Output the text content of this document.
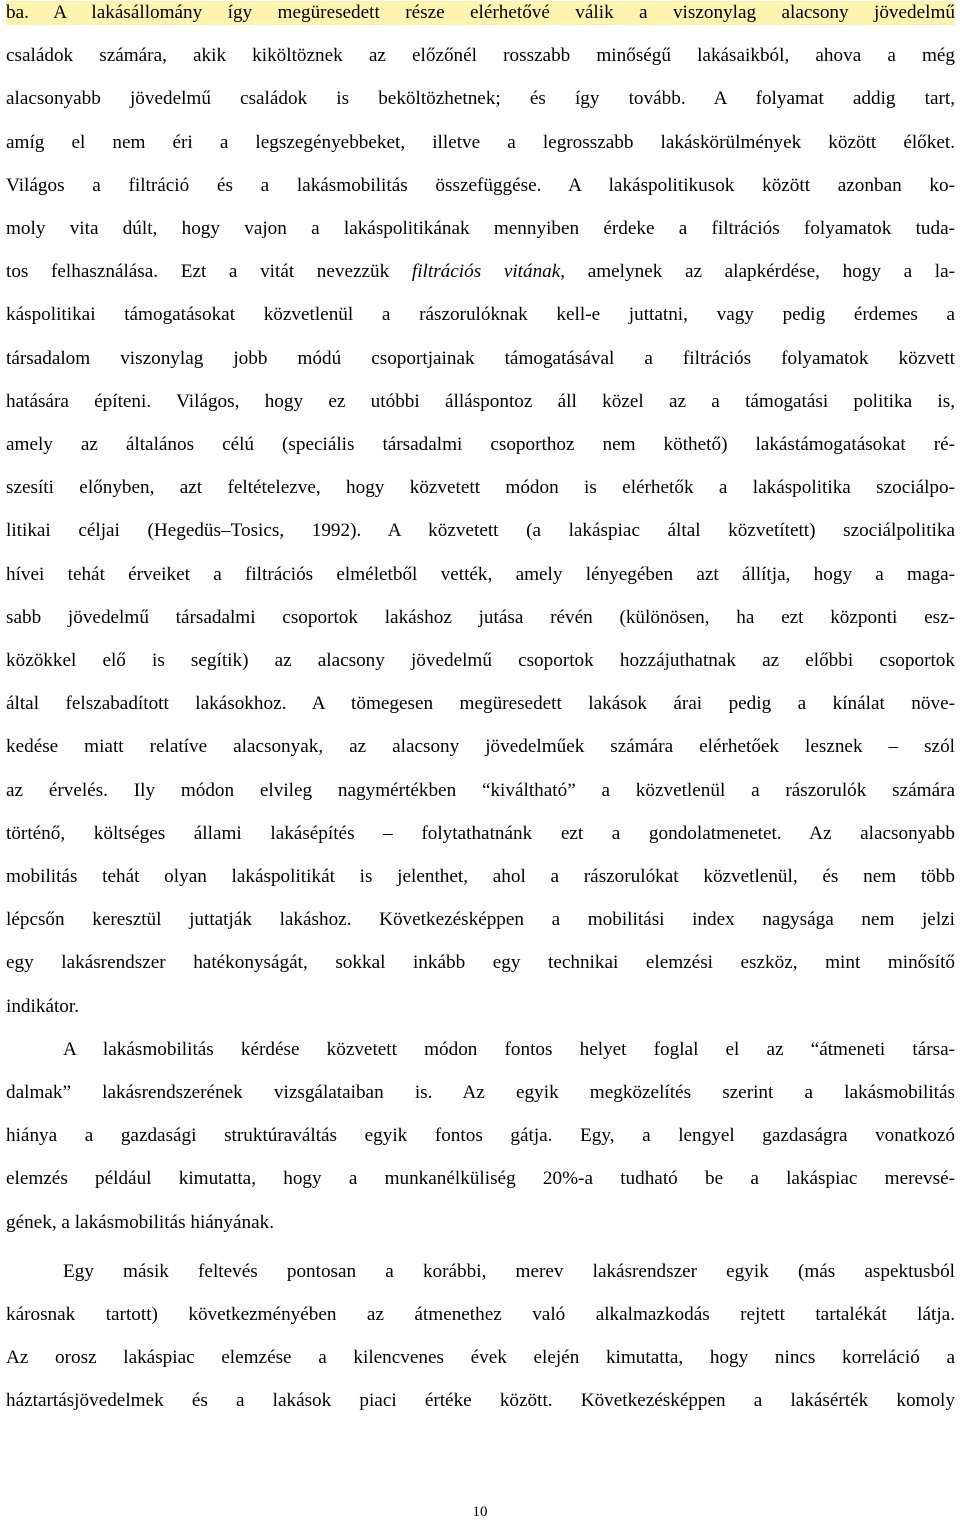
ba. A lakásállomány így megüresedett része elérhetővé válik a viszonylag alacsony jövedelmű
családok számára, akik kiköltöznek az előzőnél rosszabb minőségű lakásaikból, ahova a még
alacsonyabb jövedelmű családok is beköltözhetnek; és így tovább. A folyamat addig tart,
amíg el nem éri a legszegényebbeket, illetve a legrosszabb lakáskörülmények között élőket.
Világos a filtráció és a lakásmobilitás összefüggése. A lakáspolitikusok között azonban ko-
moly vita dúlt, hogy vajon a lakáspolitikának mennyiben érdeke a filtrációs folyamatok tuda-
tos felhasználása. Ezt a vitát nevezzük filtrációs vitának, amelynek az alapkérdése, hogy a la-
káspolitikai támogatásokat közvetlenül a rászorulóknak kell-e juttatni, vagy pedig érdemes a
társadalom viszonylag jobb módú csoportjainak támogatásával a filtrációs folyamatok közvett
hatására építeni. Világos, hogy ez utóbbi álláspontoz áll közel az a támogatási politika is,
amely az általános célú (speciális társadalmi csoporthoz nem köthető) lakástámogatásokat ré-
szesíti előnyben, azt feltételezve, hogy közvetett módon is elérhetők a lakáspolitika szociálpo-
litikai céljai (Hegedüs–Tosics, 1992). A közvetett (a lakáspiac által közvetített) szociálpolitika
hívei tehát érveiket a filtrációs elméletből vették, amely lényegében azt állítja, hogy a maga-
sabb jövedelmű társadalmi csoportok lakáshoz jutása révén (különösen, ha ezt központi esz-
közökkel elő is segítik) az alacsony jövedelmű csoportok hozzájuthatnak az előbbi csoportok
által felszabadított lakásokhoz. A tömegesen megüresedett lakások árai pedig a kínálat növe-
kedése miatt relatíve alacsonyak, az alacsony jövedelműek számára elérhetőek lesznek – szól
az érvelés. Ily módon elvileg nagymértékben “kiváltható” a közvetlenül a rászorulók számára
történő, költséges állami lakásépítés – folytathatnánk ezt a gondolatmenetet. Az alacsonyabb
mobilitás tehát olyan lakáspolitikát is jelenthet, ahol a rászorulókat közvetlenül, és nem több
lépcsőn keresztül juttatják lakáshoz. Következésképpen a mobilitási index nagysága nem jelzi
egy lakásrendszer hatékonyságát, sokkal inkább egy technikai elemzési eszköz, mint minősítő
indikátor.
A lakásmobilitás kérdése közvetett módon fontos helyet foglal el az “átmeneti társa-
dalmak” lakásrendszerének vizsgálataiban is. Az egyik megközelítés szerint a lakásmobilitás
hiánya a gazdasági struktúraváltás egyik fontos gátja. Egy, a lengyel gazdaságra vonatkozó
elemzés például kimutatta, hogy a munkanélküliség 20%-a tudható be a lakáspiac merevsé-
gének, a lakásmobilitás hiányának.
Egy másik feltevés pontosan a korábbi, merev lakásrendszer egyik (más aspektusból
károsnak tartott) következményében az átmenethez való alkalmazkodás rejtett tartalékát látja.
Az orosz lakáspiac elemzése a kilencvenes évek elején kimutatta, hogy nincs korreláció a
háztartásjövedelmek és a lakások piaci értéke között. Következésképpen a lakásérték komoly
10
